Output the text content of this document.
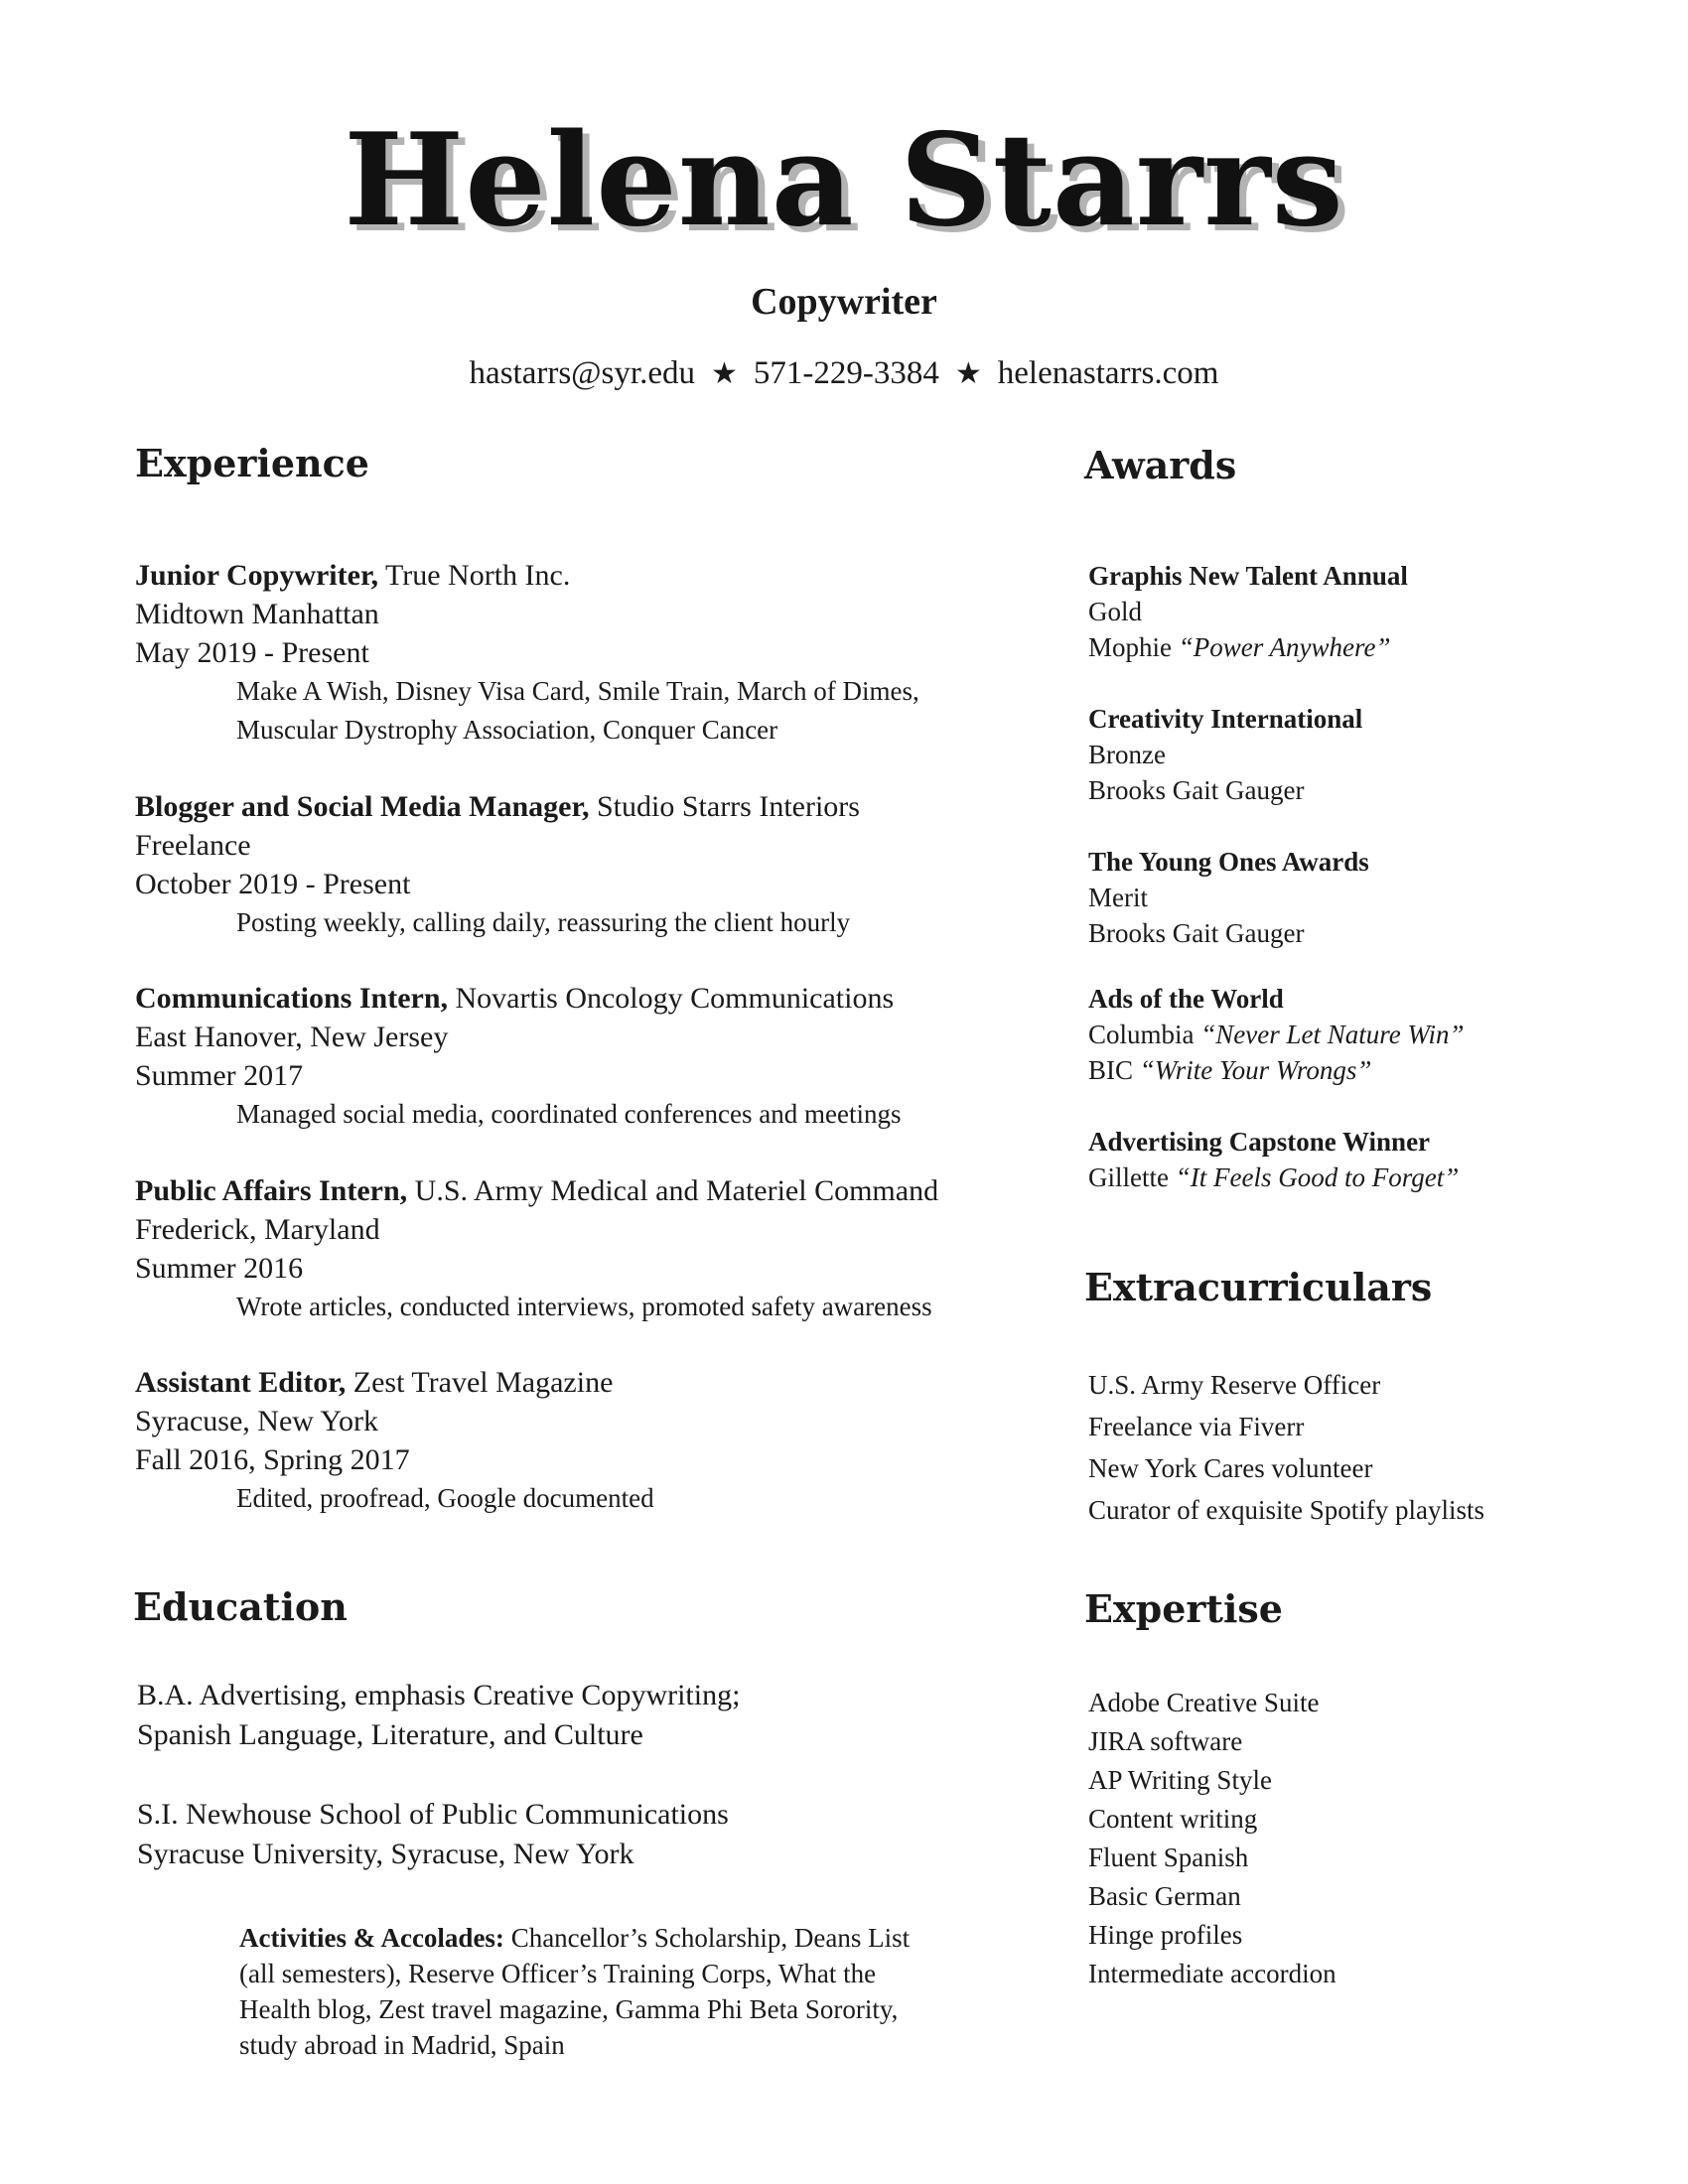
Helena Starrs
Copywriter
hastarrs@syr.edu ★ 571-229-3384 ★ helenastarrs.com
Experience
Junior Copywriter, True North Inc.
Midtown Manhattan
May 2019 - Present
Make A Wish, Disney Visa Card, Smile Train, March of Dimes,
Muscular Dystrophy Association, Conquer Cancer
Blogger and Social Media Manager, Studio Starrs Interiors
Freelance
October 2019 - Present
Posting weekly, calling daily, reassuring the client hourly
Communications Intern, Novartis Oncology Communications
East Hanover, New Jersey
Summer 2017
Managed social media, coordinated conferences and meetings
Public Affairs Intern, U.S. Army Medical and Materiel Command
Frederick, Maryland
Summer 2016
Wrote articles, conducted interviews, promoted safety awareness
Assistant Editor, Zest Travel Magazine
Syracuse, New York
Fall 2016, Spring 2017
Edited, proofread, Google documented
Education
B.A. Advertising, emphasis Creative Copywriting;
Spanish Language, Literature, and Culture
S.I. Newhouse School of Public Communications
Syracuse University, Syracuse, New York
Activities & Accolades: Chancellor’s Scholarship, Deans List
(all semesters), Reserve Officer’s Training Corps, What the
Health blog, Zest travel magazine, Gamma Phi Beta Sorority,
study abroad in Madrid, Spain
Awards
Graphis New Talent Annual
Gold
Mophie “Power Anywhere”
Creativity International
Bronze
Brooks Gait Gauger
The Young Ones Awards
Merit
Brooks Gait Gauger
Ads of the World
Columbia “Never Let Nature Win”
BIC “Write Your Wrongs”
Advertising Capstone Winner
Gillette “It Feels Good to Forget”
Extracurriculars
U.S. Army Reserve Officer
Freelance via Fiverr
New York Cares volunteer
Curator of exquisite Spotify playlists
Expertise
Adobe Creative Suite
JIRA software
AP Writing Style
Content writing
Fluent Spanish
Basic German
Hinge profiles
Intermediate accordion
